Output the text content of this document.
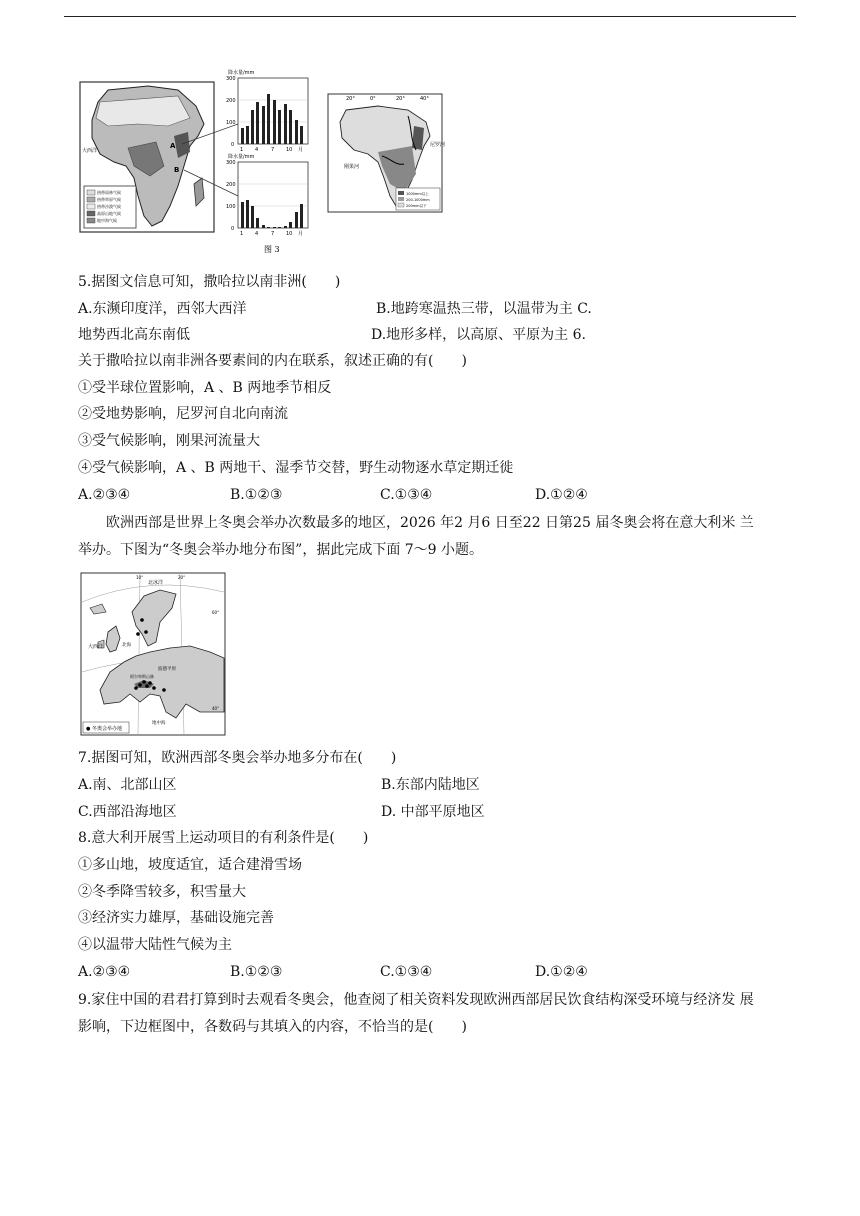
热带雨林气候
热带草原气候
热带沙漠气候
高原山地气候
地中海气候
大西洋
A
B
降水量/mm
300
200
100
0
1 4	7 10 月
降水量/mm
300
200
100
0
1 4	7 10 月
20°	0°	20°	40°
尼罗河
刚果河
1000mm以上
200-1000mm
200mm以下
图 3
5.据图文信息可知，撒哈拉以南非洲(　　)
A.东濒印度洋，西邻大西洋	B.地跨寒温热三带，以温带为主 C.
地势西北高东南低	D.地形多样，以高原、平原为主 6.
关于撒哈拉以南非洲各要素间的内在联系，叙述正确的有(　　)
①受半球位置影响，A 、B 两地季节相反
②受地势影响，尼罗河自北向南流
③受气候影响，刚果河流量大
④受气候影响，A 、B 两地干、湿季节交替，野生动物逐水草定期迁徙
A.②③④	B.①②③	C.①③④	D.①②④
欧洲西部是世界上冬奥会举办次数最多的地区，2026 年2 月6 日至22 日第25 届冬奥会将在意大利米 兰
举办。下图为“冬奥会举办地分布图”，据此完成下面 7～9 小题。
北冰洋
大西洋	北海
波德平原
阿尔卑斯山脉
地中海
10°	20°
60°
40°
● 冬奥会举办地
7.据图可知，欧洲西部冬奥会举办地多分布在(　　)
A.南、北部山区	B.东部内陆地区
C.西部沿海地区	D. 中部平原地区
8.意大利开展雪上运动项目的有利条件是(　　)
①多山地，坡度适宜，适合建滑雪场
②冬季降雪较多，积雪量大
③经济实力雄厚，基础设施完善
④以温带大陆性气候为主
A.②③④	B.①②③	C.①③④	D.①②④
9.家住中国的君君打算到时去观看冬奥会，他查阅了相关资料发现欧洲西部居民饮食结构深受环境与经济发 展
影响，下边框图中，各数码与其填入的内容，不恰当的是(　　)
